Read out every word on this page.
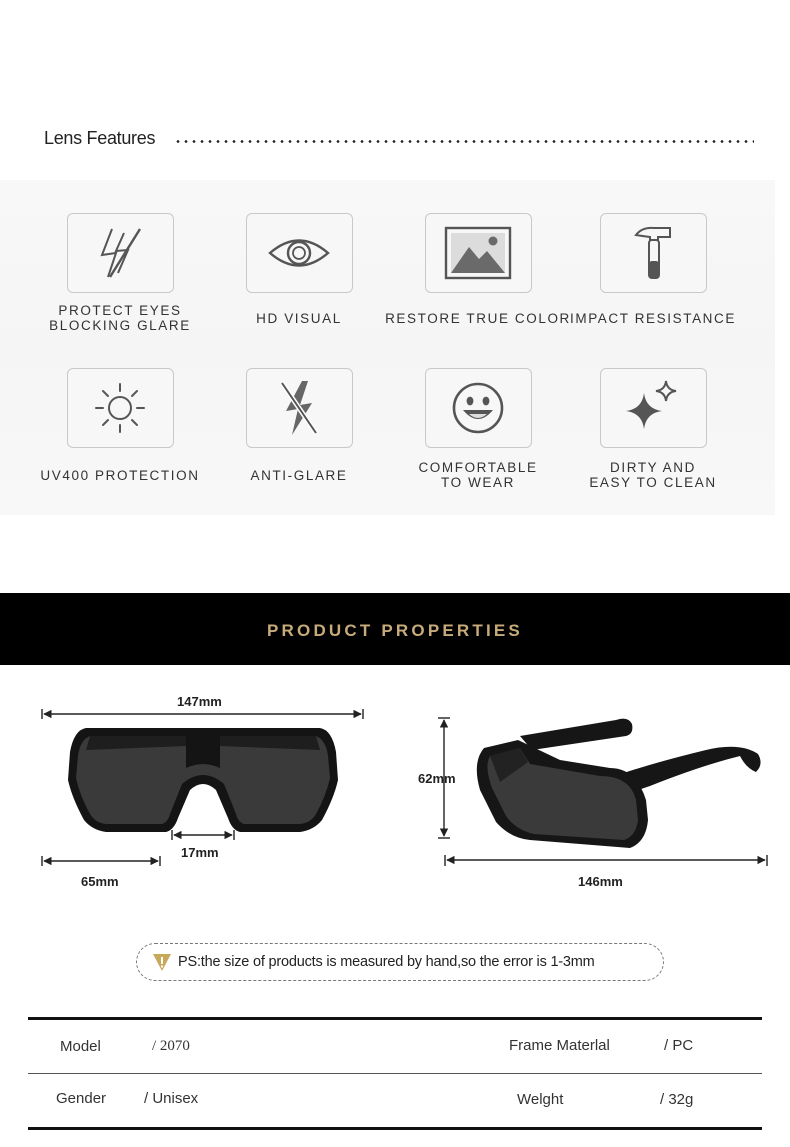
Lens Features
PROTECT EYES
BLOCKING GLARE	HD VISUAL	RESTORE TRUE COLOR IMPACT RESISTANCE
UV400 PROTECTION	ANTI-GLARE
COMFORTABLE
TO WEAR
DIRTY AND
EASY TO CLEAN
PRODUCT PROPERTIES
147mm
65mm
17mm
62mm
146mm
PS:the size of products is measured by hand,so the error is 1-3mm
Model	/ 2070	Frame Materlal	/ PC
Gender	/ Unisex	Welght	/ 32g
